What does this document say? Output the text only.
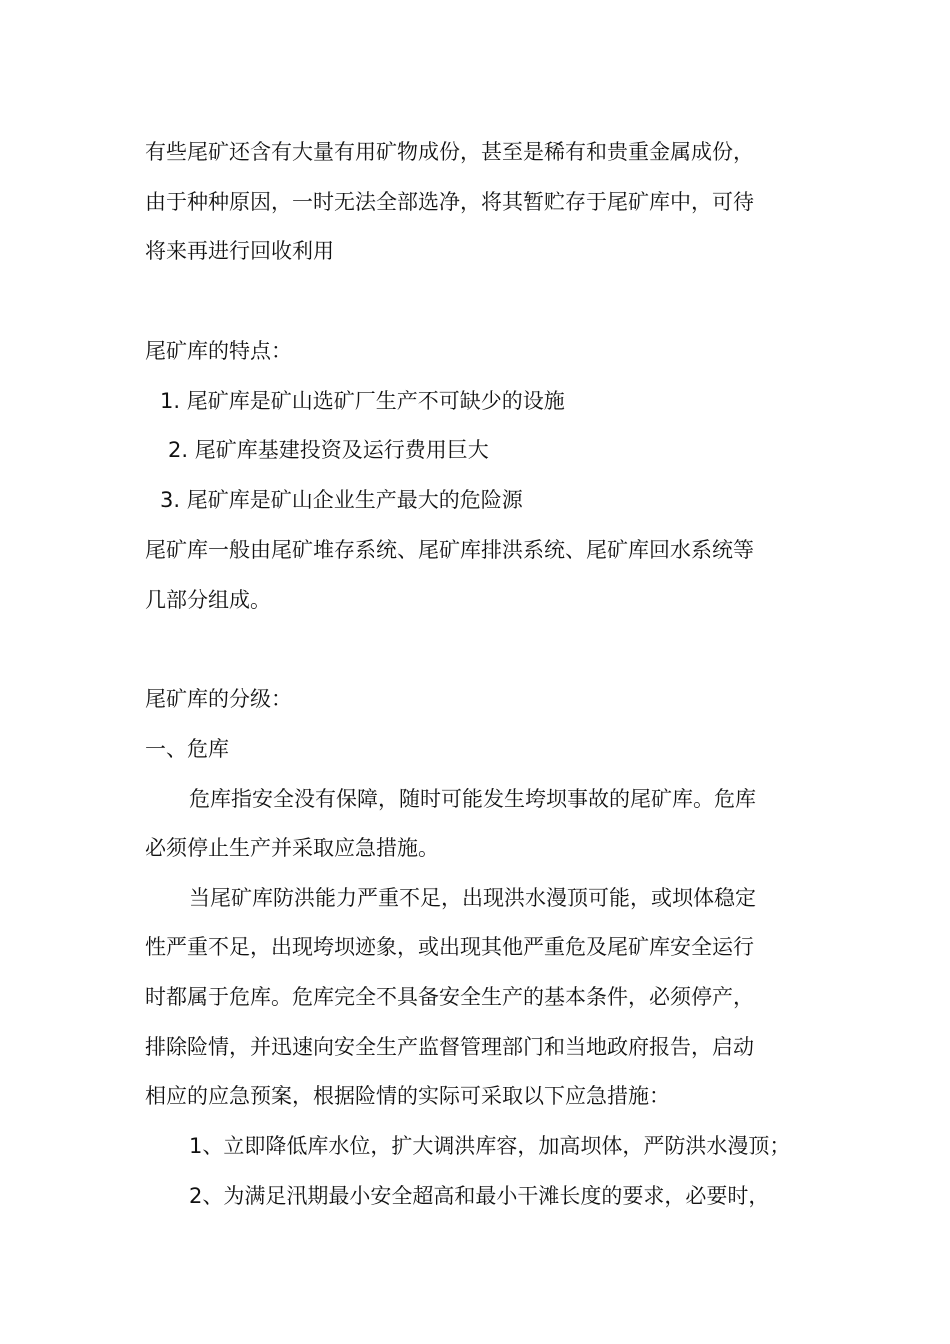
有些尾矿还含有大量有用矿物成份，甚至是稀有和贵重金属成份，
由于种种原因，一时无法全部选净，将其暂贮存于尾矿库中，可待
将来再进行回收利用
尾矿库的特点：
1. 尾矿库是矿山选矿厂生产不可缺少的设施
2. 尾矿库基建投资及运行费用巨大
3. 尾矿库是矿山企业生产最大的危险源
尾矿库一般由尾矿堆存系统、尾矿库排洪系统、尾矿库回水系统等
几部分组成。
尾矿库的分级：
一、危库
危库指安全没有保障，随时可能发生垮坝事故的尾矿库。危库
必须停止生产并采取应急措施。
当尾矿库防洪能力严重不足，出现洪水漫顶可能，或坝体稳定
性严重不足，出现垮坝迹象，或出现其他严重危及尾矿库安全运行
时都属于危库。危库完全不具备安全生产的基本条件，必须停产，
排除险情，并迅速向安全生产监督管理部门和当地政府报告，启动
相应的应急预案，根据险情的实际可采取以下应急措施：
1、立即降低库水位，扩大调洪库容，加高坝体，严防洪水漫顶；
2、为满足汛期最小安全超高和最小干滩长度的要求，必要时，
